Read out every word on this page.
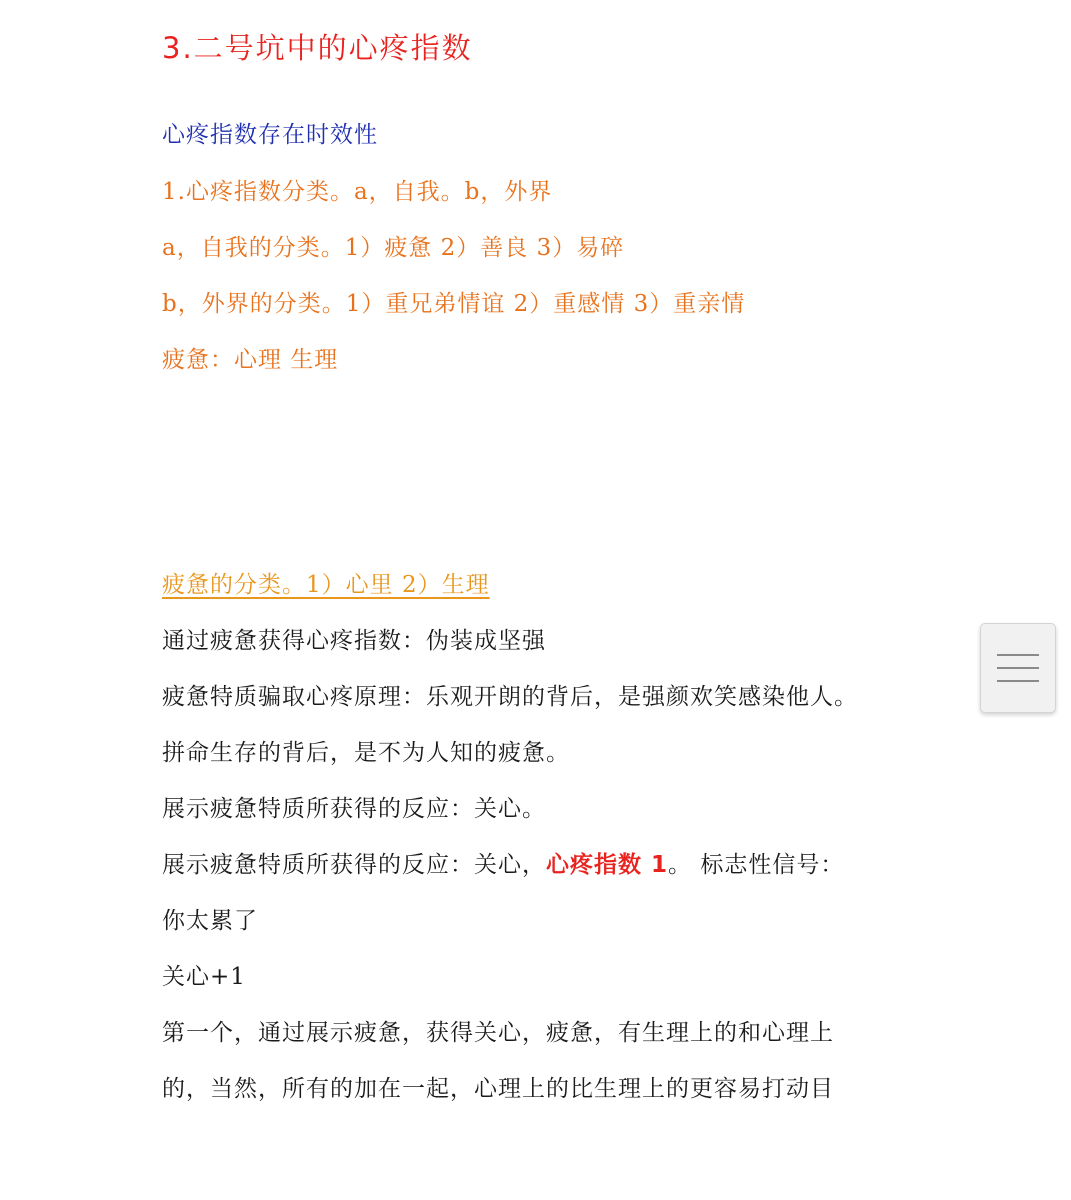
3.二号坑中的心疼指数
心疼指数存在时效性
1.心疼指数分类。a，自我。b，外界
a，自我的分类。1）疲惫 2）善良 3）易碎
b，外界的分类。1）重兄弟情谊 2）重感情 3）重亲情
疲惫：心理 生理
疲惫的分类。1）心里 2）生理
通过疲惫获得心疼指数：伪装成坚强
疲惫特质骗取心疼原理：乐观开朗的背后，是强颜欢笑感染他人。
拼命生存的背后，是不为人知的疲惫。
展示疲惫特质所获得的反应：关心。
展示疲惫特质所获得的反应：关心，心疼指数 1。 标志性信号：
你太累了
关心+1
第一个，通过展示疲惫，获得关心，疲惫，有生理上的和心理上
的，当然，所有的加在一起，心理上的比生理上的更容易打动目
